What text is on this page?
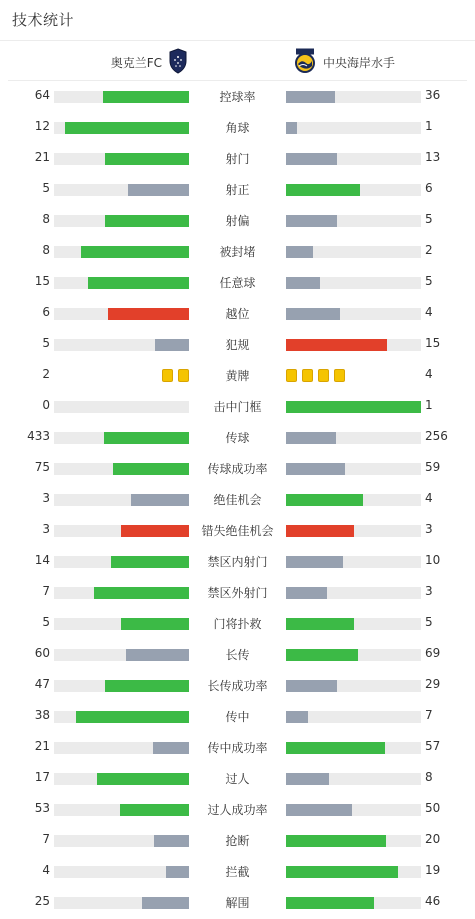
技术统计
奥克兰FC	中央海岸水手
64	控球率	36
12	角球	1
21	射门	13
5	射正	6
8	射偏	5
8	被封堵	2
15	任意球	5
6	越位	4
5	犯规	15
2	黄牌	4
0	击中门框	1
433	传球	256
75	传球成功率	59
3	绝佳机会	4
3	错失绝佳机会	3
14	禁区内射门	10
7	禁区外射门	3
5	门将扑救	5
60	长传	69
47	长传成功率	29
38	传中	7
21	传中成功率	57
17	过人	8
53	过人成功率	50
7	抢断	20
4	拦截	19
25	解围	46
